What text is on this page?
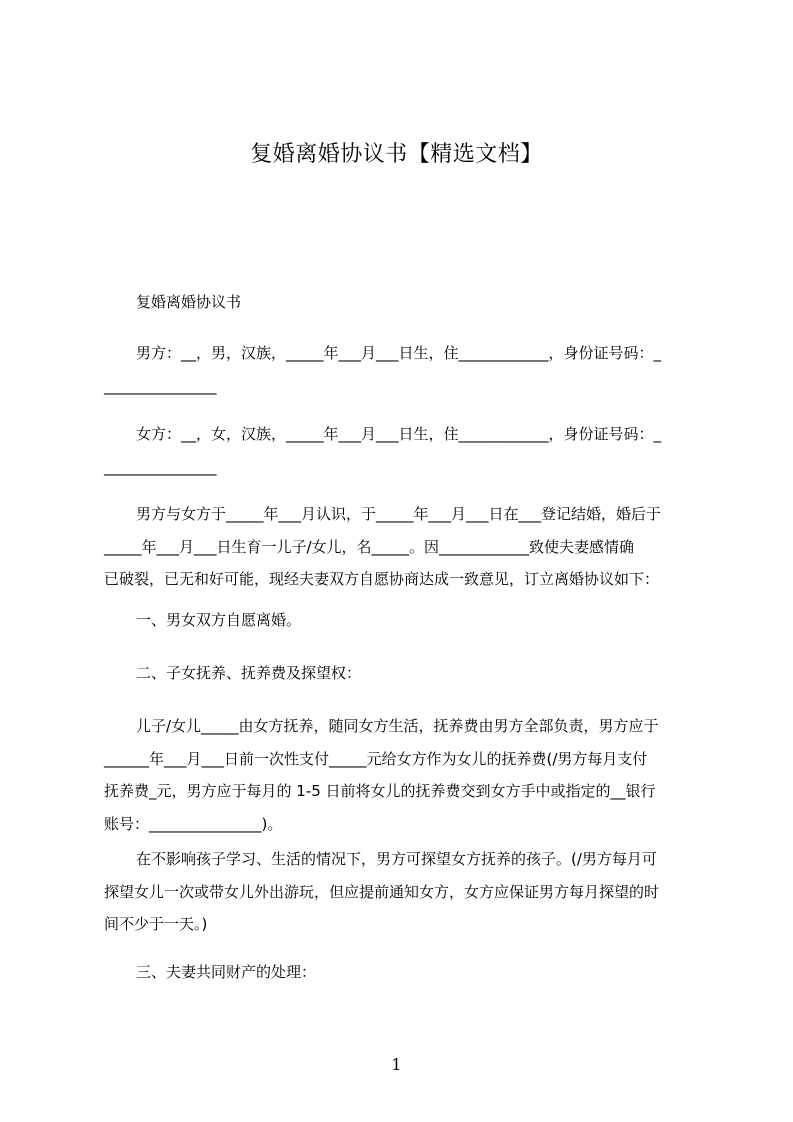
复婚离婚协议书【精选文档】

复婚离婚协议书

男方：__，男，汉族，_____年___月___日生，住____________，身份证号码：_
_______________

女方：__，女，汉族，_____年___月___日生，住____________，身份证号码：_
_______________

男方与女方于_____年___月认识，于_____年___月___日在___登记结婚，婚后于
_____年___月___日生育一儿子/女儿，名_____。因____________致使夫妻感情确
已破裂，已无和好可能，现经夫妻双方自愿协商达成一致意见，订立离婚协议如下：

一、男女双方自愿离婚。

二、子女抚养、抚养费及探望权：

儿子/女儿_____由女方抚养，随同女方生活，抚养费由男方全部负责，男方应于
______年___月___日前一次性支付_____元给女方作为女儿的抚养费(/男方每月支付
抚养费_元，男方应于每月的 1-5 日前将女儿的抚养费交到女方手中或指定的__银行
账号：_______________)。

在不影响孩子学习、生活的情况下，男方可探望女方抚养的孩子。(/男方每月可
探望女儿一次或带女儿外出游玩，但应提前通知女方，女方应保证男方每月探望的时
间不少于一天。)

三、夫妻共同财产的处理：

1
